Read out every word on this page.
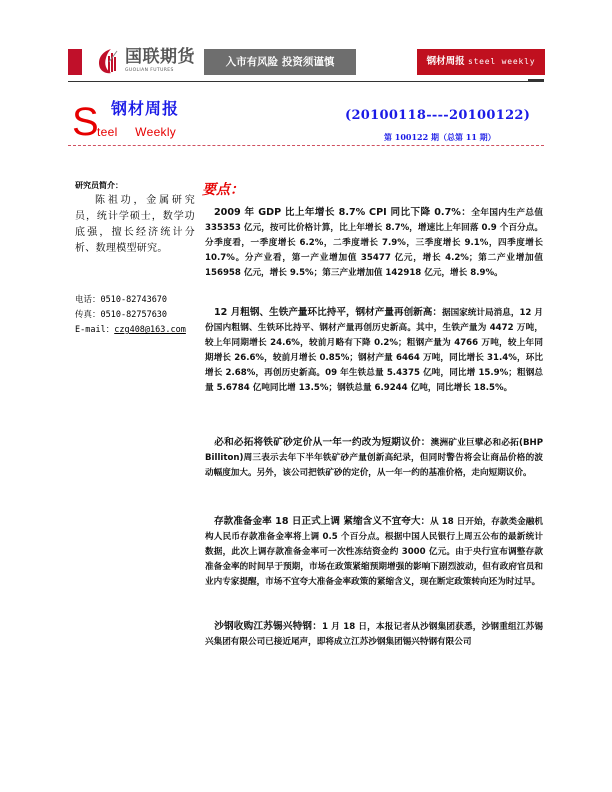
国联期货
GUOLIAN FUTURES
入市有风险 投资须谨慎	钢材周报 steel weekly
S 钢材周报
teel Weekly
(20100118----20100122)
第 100122 期（总第 11 期）
研究员简介：
陈祖功，金属研究员，统计学硕士，数学功底强，擅长经济统计分析、数理模型研究。
电话：0510-82743670
传真：0510-82757630
E-mail：czg408@163.com
要点：
2009 年 GDP 比上年增长 8.7% CPI 同比下降 0.7%：全年国内生产总值 335353 亿元，按可比价格计算，比上年增长 8.7%，增速比上年回落 0.9 个百分点。分季度看，一季度增长 6.2%，二季度增长 7.9%，三季度增长 9.1%，四季度增长 10.7%。分产业看，第一产业增加值 35477 亿元，增长 4.2%；第二产业增加值 156958 亿元，增长 9.5%；第三产业增加值 142918 亿元，增长 8.9%。
12 月粗钢、生铁产量环比持平，钢材产量再创新高：据国家统计局消息，12 月份国内粗钢、生铁环比持平、钢材产量再创历史新高。其中，生铁产量为 4472 万吨，较上年同期增长 24.6%，较前月略有下降 0.2%；粗钢产量为 4766 万吨，较上年同期增长 26.6%，较前月增长 0.85%；钢材产量 6464 万吨，同比增长 31.4%，环比增长 2.68%，再创历史新高。09 年生铁总量 5.4375 亿吨，同比增 15.9%；粗钢总量 5.6784 亿吨同比增 13.5%；钢铁总量 6.9244 亿吨，同比增长 18.5%。
必和必拓将铁矿砂定价从一年一约改为短期议价：澳洲矿业巨擘必和必拓(BHP Billiton)周三表示去年下半年铁矿砂产量创新高纪录，但同时警告将会让商品价格的波动幅度加大。另外，该公司把铁矿砂的定价，从一年一约的基准价格，走向短期议价。
存款准备金率 18 日正式上调 紧缩含义不宜夸大：从 18 日开始，存款类金融机构人民币存款准备金率将上调 0.5 个百分点。根据中国人民银行上周五公布的最新统计数据，此次上调存款准备金率可一次性冻结资金约 3000 亿元。由于央行宣布调整存款准备金率的时间早于预期，市场在政策紧缩预期增强的影响下剧烈波动，但有政府官员和业内专家提醒，市场不宜夸大准备金率政策的紧缩含义，现在断定政策转向还为时过早。
沙钢收购江苏锡兴特钢：1 月 18 日，本报记者从沙钢集团获悉，沙钢重组江苏锡兴集团有限公司已接近尾声，即将成立江苏沙钢集团锡兴特钢有限公司
